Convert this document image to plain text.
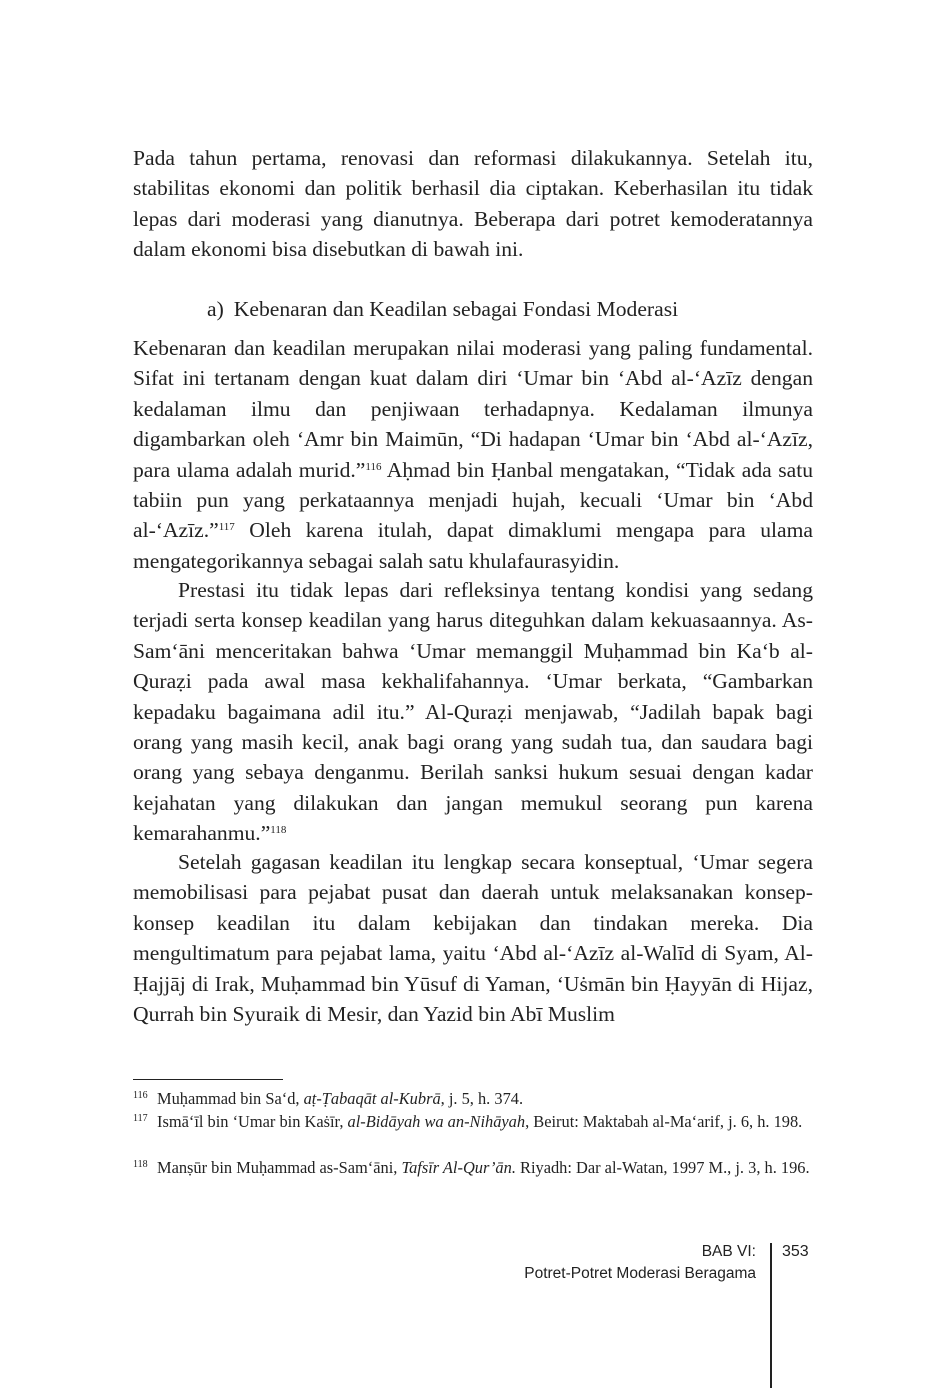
Pada tahun pertama, renovasi dan reformasi dilakukannya. Setelah itu, stabilitas ekonomi dan politik berhasil dia ciptakan. Keberhasilan itu tidak lepas dari moderasi yang dianutnya. Beberapa dari potret kemoderatannya dalam ekonomi bisa disebutkan di bawah ini.

a) Kebenaran dan Keadilan sebagai Fondasi Moderasi

Kebenaran dan keadilan merupakan nilai moderasi yang paling fundamental. Sifat ini tertanam dengan kuat dalam diri ‘Umar bin ‘Abd al-‘Azīz dengan kedalaman ilmu dan penjiwaan terhadapnya. Kedalaman ilmunya digambarkan oleh ‘Amr bin Maimūn, “Di hadapan ‘Umar bin ‘Abd al-‘Azīz, para ulama adalah murid.”$^{116}$ Aḥmad bin Ḥanbal mengatakan, “Tidak ada satu tabiin pun yang perkataannya menjadi hujah, kecuali ‘Umar bin ‘Abd al-‘Azīz.”$^{117}$ Oleh karena itulah, dapat dimaklumi mengapa para ulama mengategorikannya sebagai salah satu khulafaurasyidin.

Prestasi itu tidak lepas dari refleksinya tentang kondisi yang sedang terjadi serta konsep keadilan yang harus diteguhkan dalam kekuasaannya. As-Sam‘āni menceritakan bahwa ‘Umar memanggil Muḥammad bin Ka‘b al-Quraẓi pada awal masa kekhalifahannya. ‘Umar berkata, “Gambarkan kepadaku bagaimana adil itu.” Al-Quraẓi menjawab, “Jadilah bapak bagi orang yang masih kecil, anak bagi orang yang sudah tua, dan saudara bagi orang yang sebaya denganmu. Berilah sanksi hukum sesuai dengan kadar kejahatan yang dilakukan dan jangan memukul seorang pun karena kemarahanmu.”$^{118}$

Setelah gagasan keadilan itu lengkap secara konseptual, ‘Umar segera memobilisasi para pejabat pusat dan daerah untuk melaksanakan konsep-konsep keadilan itu dalam kebijakan dan tindakan mereka. Dia mengultimatum para pejabat lama, yaitu ‘Abd al-‘Azīz al-Walīd di Syam, Al-Ḥajjāj di Irak, Muḥammad bin Yūsuf di Yaman, ‘Uṡmān bin Ḥayyān di Hijaz, Qurrah bin Syuraik di Mesir, dan Yazid bin Abī Muslim

116 Muḥammad bin Sa‘d, aṭ-Ṭabaqāt al-Kubrā, j. 5, h. 374.

117 Ismā‘īl bin ‘Umar bin Kaṡīr, al-Bidāyah wa an-Nihāyah, Beirut: Maktabah al-Ma‘arif, j. 6, h. 198.

118 Manṣūr bin Muḥammad as-Sam‘āni, Tafsīr Al-Qur’ān. Riyadh: Dar al-Watan, 1997 M., j. 3, h. 196.

BAB VI:
Potret-Potret Moderasi Beragama
353
